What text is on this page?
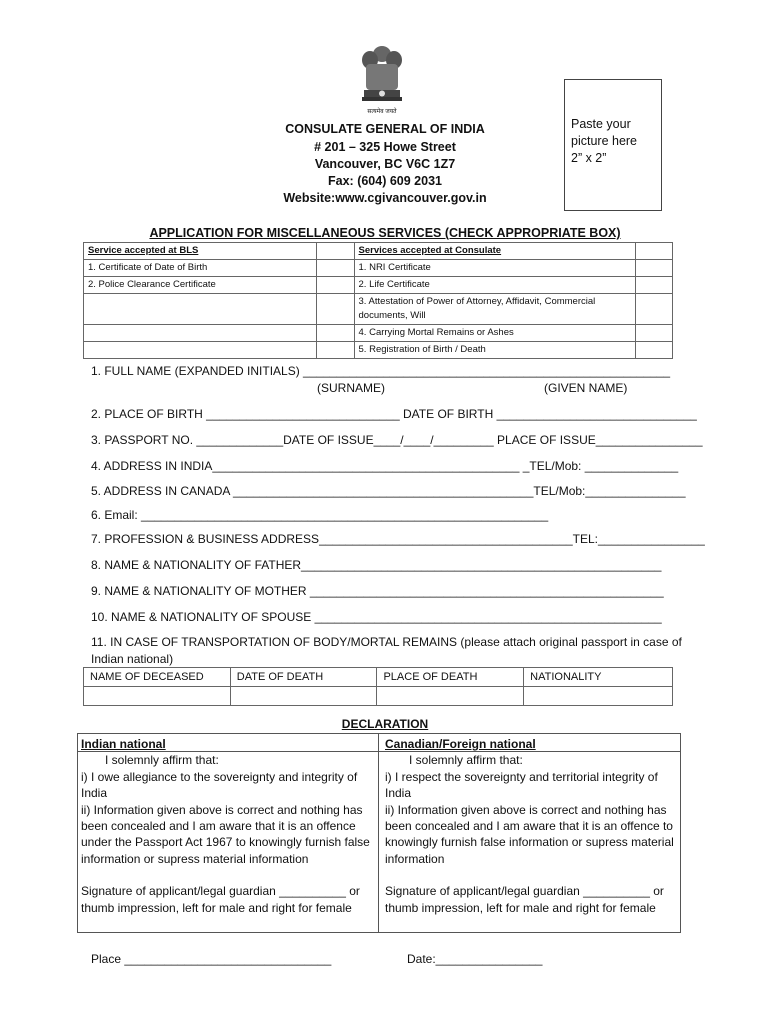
सत्यमेव जयते
CONSULATE GENERAL OF INDIA
# 201 – 325 Howe Street
Vancouver, BC V6C 1Z7
Fax: (604) 609 2031
Website:www.cgivancouver.gov.in
Paste your
picture here
2” x 2”
APPLICATION FOR MISCELLANEOUS SERVICES (CHECK APPROPRIATE BOX)
Service accepted at BLS		Services accepted at Consulate	
1. Certificate of Date of Birth		1. NRI Certificate	
2. Police Clearance Certificate		2. Life Certificate	
		3. Attestation of Power of Attorney, Affidavit, Commercial documents, Will	
		4. Carrying Mortal Remains or Ashes	
		5. Registration of Birth / Death	
1. FULL NAME (EXPANDED INITIALS) _______________________________________________________
(SURNAME)	(GIVEN NAME)
2. PLACE OF BIRTH _____________________________ DATE OF BIRTH ______________________________
3. PASSPORT NO. _____________DATE OF ISSUE____/____/_________ PLACE OF ISSUE________________
4. ADDRESS IN INDIA______________________________________________ _TEL/Mob: ______________
5. ADDRESS IN CANADA _____________________________________________TEL/Mob:_______________
6. Email: _____________________________________________________________
7. PROFESSION & BUSINESS ADDRESS______________________________________TEL:________________
8. NAME & NATIONALITY OF FATHER______________________________________________________
9. NAME & NATIONALITY OF MOTHER _____________________________________________________
10. NAME & NATIONALITY OF SPOUSE ____________________________________________________
11. IN CASE OF TRANSPORTATION OF BODY/MORTAL REMAINS (please attach original passport in case of
Indian national)
NAME OF DECEASED	DATE OF DEATH	PLACE OF DEATH	NATIONALITY

DECLARATION
Indian national
I solemnly affirm that:
i) I owe allegiance to the sovereignty and integrity of India
ii) Information given above is correct and nothing has been concealed and I am aware that it is an offence under the Passport Act 1967 to knowingly furnish false information or supress material information
Signature of applicant/legal guardian __________ or thumb impression, left for male and right for female
Canadian/Foreign national
I solemnly affirm that:
i) I respect the sovereignty and territorial integrity of India
ii) Information given above is correct and nothing has been concealed and I am aware that it is an offence to knowingly furnish false information or supress material information
Signature of applicant/legal guardian __________ or thumb impression, left for male and right for female
Place _______________________________	Date:________________
